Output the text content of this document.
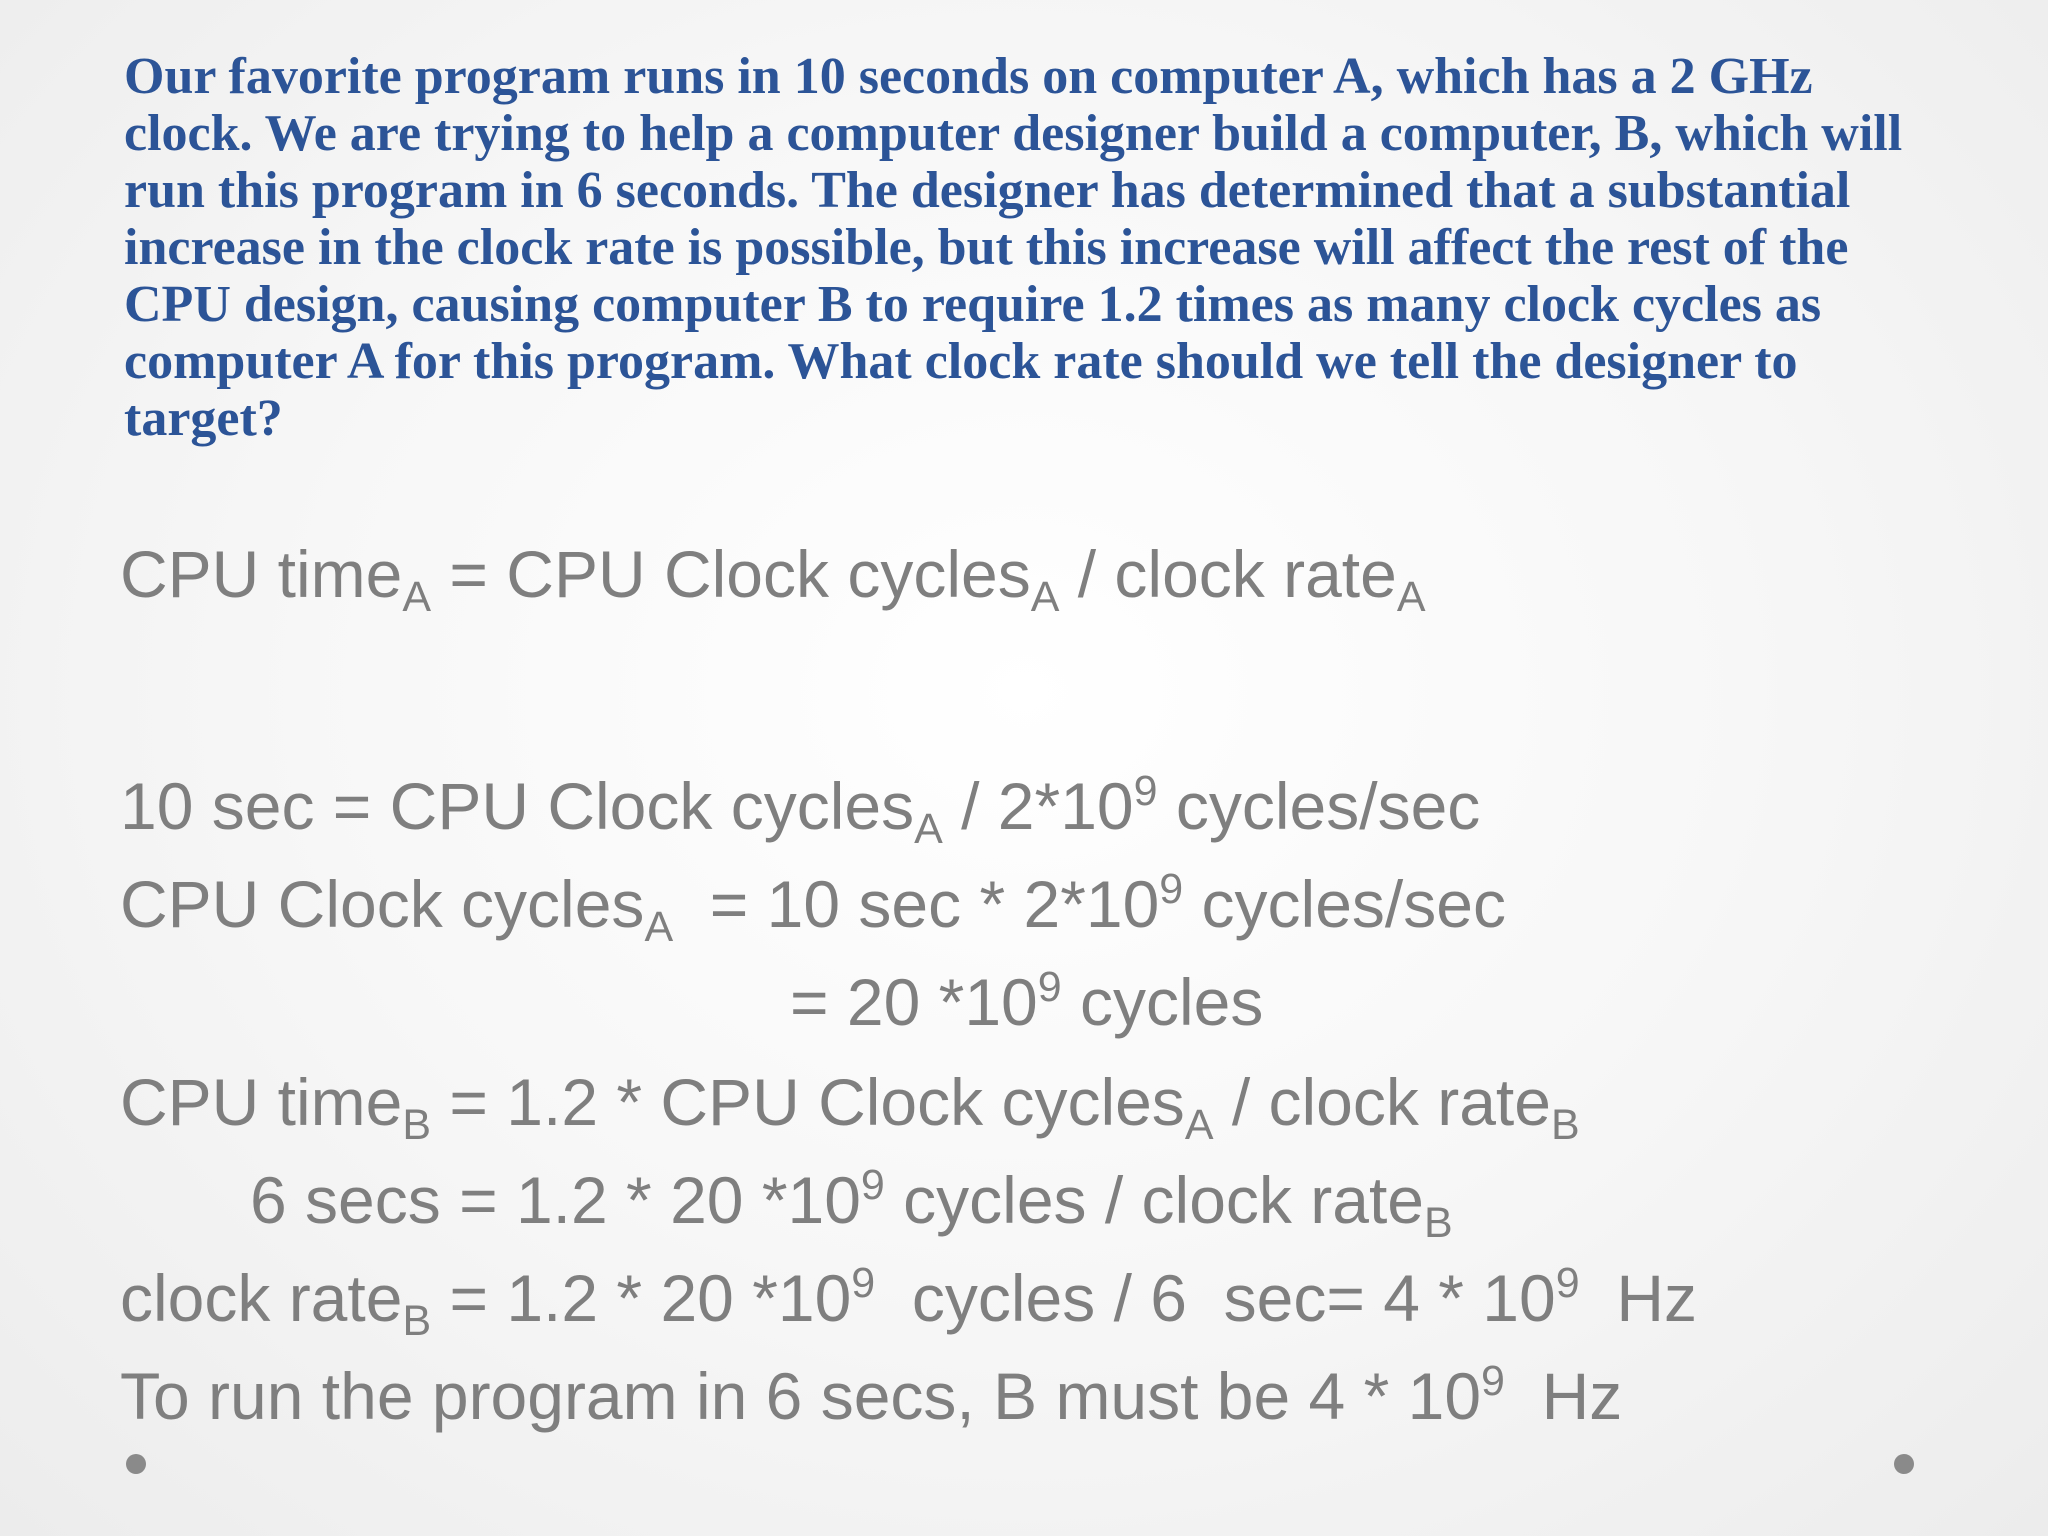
Our favorite program runs in 10 seconds on computer A, which has a 2 GHz clock. We are trying to help a computer designer build a computer, B, which will run this program in 6 seconds. The designer has determined that a substantial increase in the clock rate is possible, but this increase will affect the rest of the CPU design, causing computer B to require 1.2 times as many clock cycles as computer A for this program. What clock rate should we tell the designer to target?

CPU time$_A$ = CPU Clock cycles$_A$ / clock rate$_A$
10 sec = CPU Clock cycles$_A$ / $2*10^9$ cycles/sec
CPU Clock cycles$_A$  = 10 sec * $2*10^9$ cycles/sec
= 20 $*10^9$ cycles
CPU time$_B$ = 1.2 * CPU Clock cycles$_A$ / clock rate$_B$
6 secs = 1.2 * 20 $*10^9$ cycles / clock rate$_B$
clock rate$_B$ = 1.2 * 20 $*10^9$  cycles / 6  $\sec= 4 * 10^9$  Hz
To run the program in 6 secs, B must be $4 * 10^9$  Hz
